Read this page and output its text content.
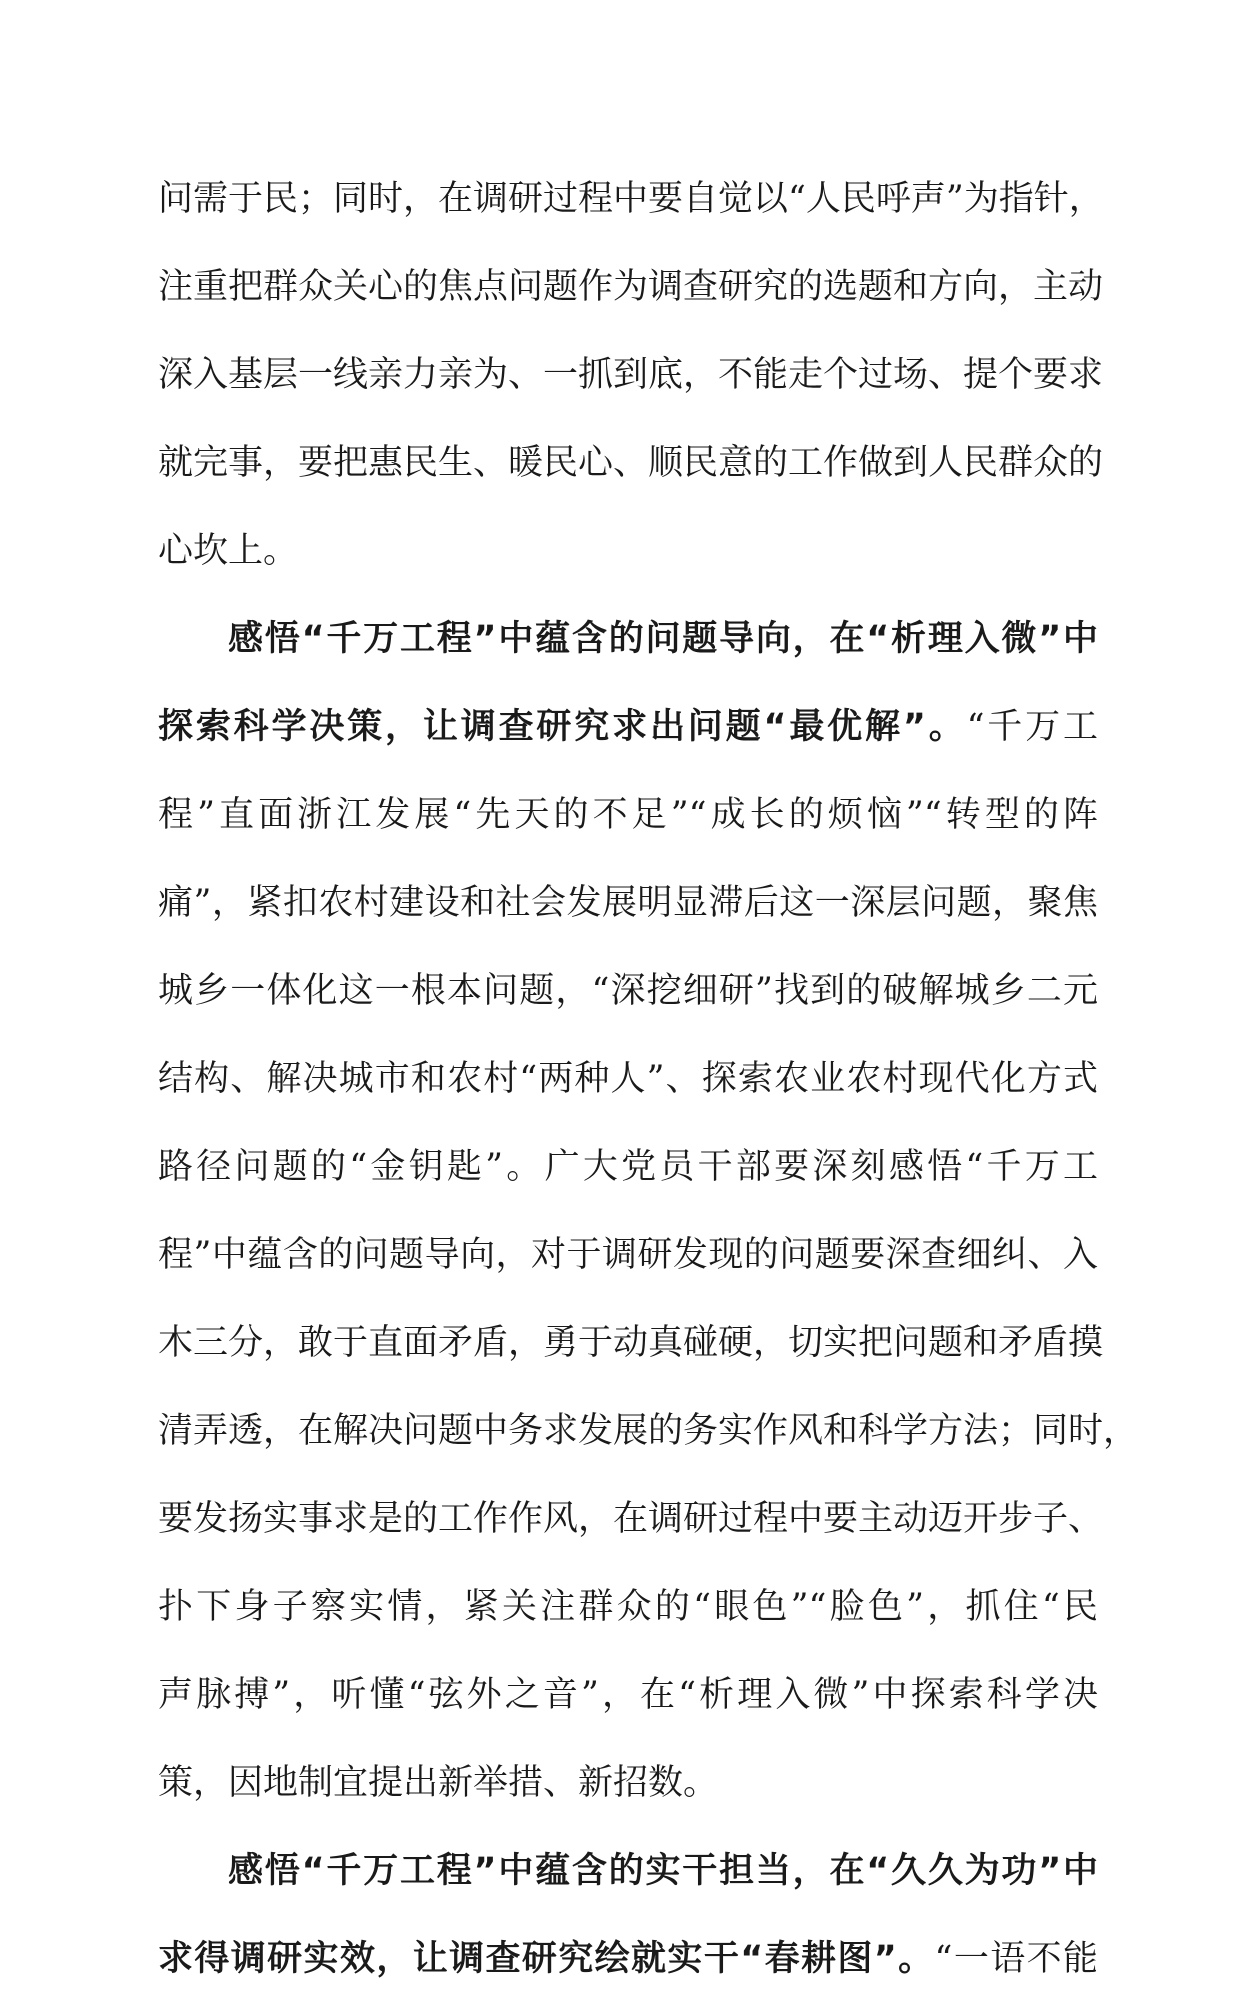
问需于民；同时，在调研过程中要自觉以“人民呼声”为指针，
注重把群众关心的焦点问题作为调查研究的选题和方向，主动
深入基层一线亲力亲为、一抓到底，不能走个过场、提个要求
就完事，要把惠民生、暖民心、顺民意的工作做到人民群众的
心坎上。
感悟“千万工程”中蕴含的问题导向，在“析理入微”中
探索科学决策，让调查研究求出问题“最优解”。“千万工
程”直面浙江发展“先天的不足”“成长的烦恼”“转型的阵
痛”，紧扣农村建设和社会发展明显滞后这一深层问题，聚焦
城乡一体化这一根本问题，“深挖细研”找到的破解城乡二元
结构、解决城市和农村“两种人”、探索农业农村现代化方式
路径问题的“金钥匙”。广大党员干部要深刻感悟“千万工
程”中蕴含的问题导向，对于调研发现的问题要深查细纠、入
木三分，敢于直面矛盾，勇于动真碰硬，切实把问题和矛盾摸
清弄透，在解决问题中务求发展的务实作风和科学方法；同时，
要发扬实事求是的工作作风，在调研过程中要主动迈开步子、
扑下身子察实情，紧关注群众的“眼色”“脸色”，抓住“民
声脉搏”，听懂“弦外之音”，在“析理入微”中探索科学决
策，因地制宜提出新举措、新招数。
感悟“千万工程”中蕴含的实干担当，在“久久为功”中
求得调研实效，让调查研究绘就实干“春耕图”。“一语不能
